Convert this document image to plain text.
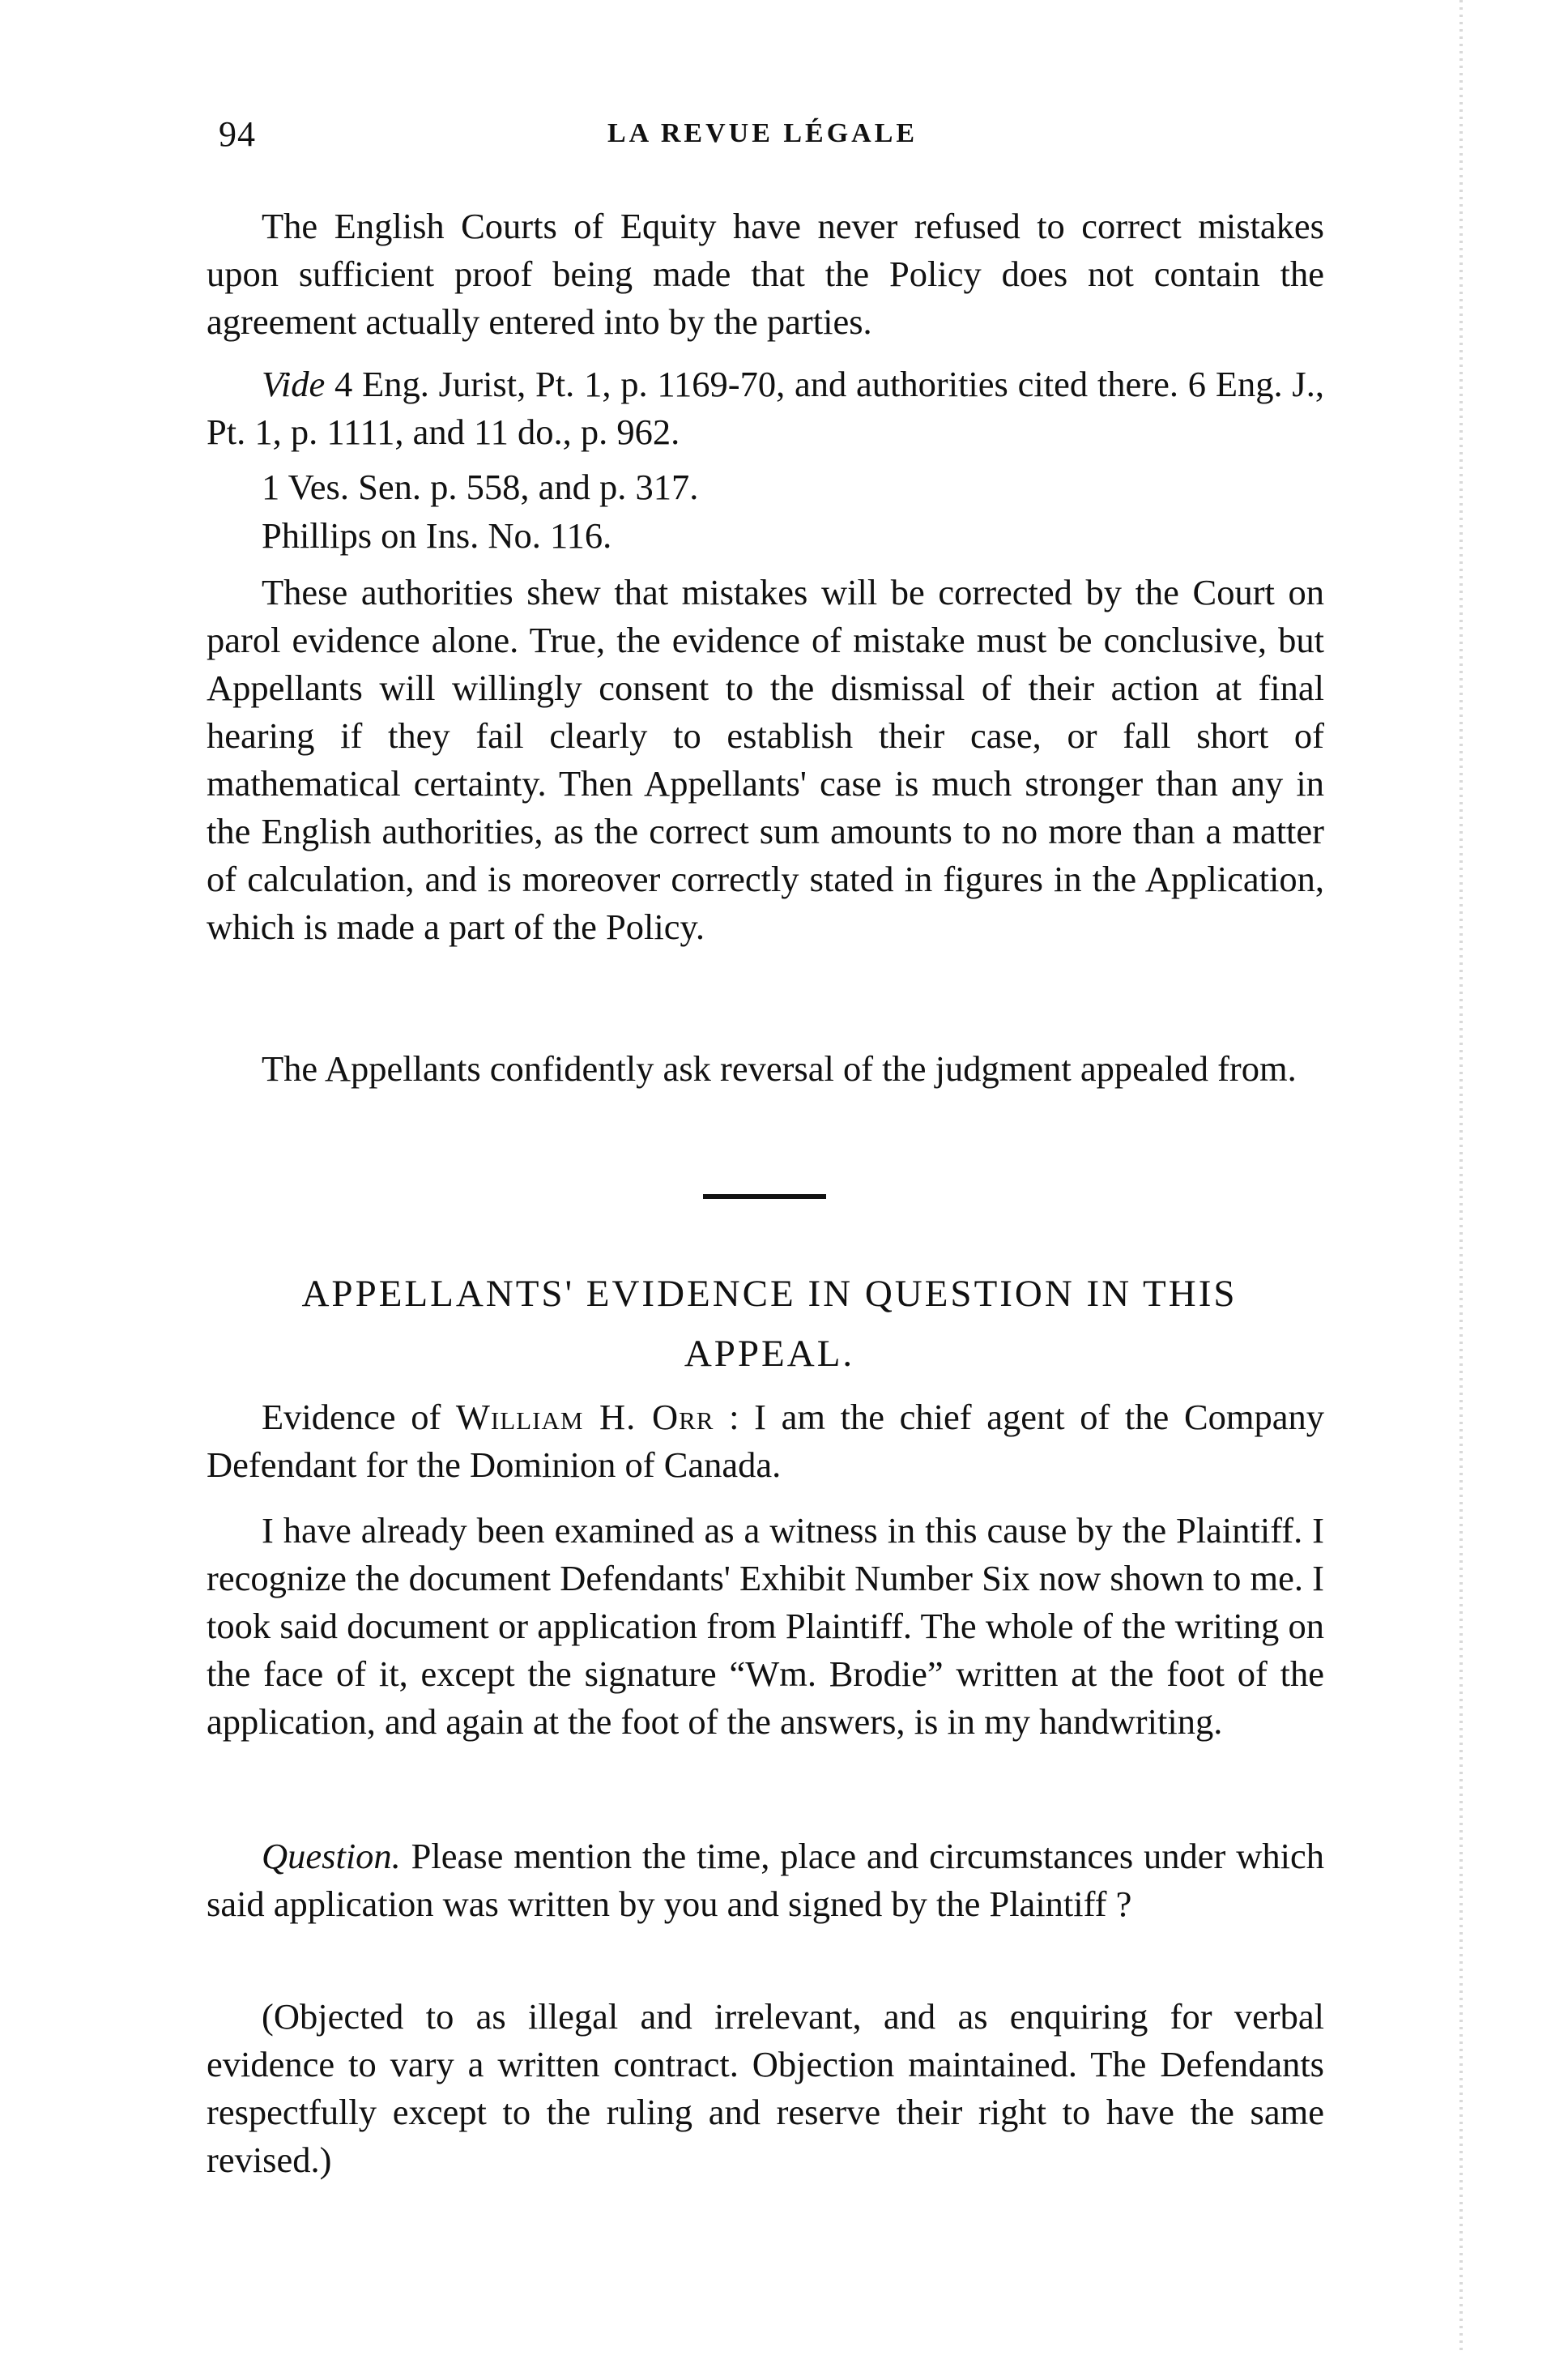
94	LA REVUE LÉGALE

The English Courts of Equity have never refused to correct mistakes upon sufficient proof being made that the Policy does not contain the agreement actually entered into by the parties.

Vide 4 Eng. Jurist, Pt. 1, p. 1169-70, and authorities cited there. 6 Eng. J., Pt. 1, p. 1111, and 11 do., p. 962.

1 Ves. Sen. p. 558, and p. 317.

Phillips on Ins. No. 116.

These authorities shew that mistakes will be corrected by the Court on parol evidence alone. True, the evidence of mistake must be conclusive, but Appellants will willingly consent to the dismissal of their action at final hearing if they fail clearly to establish their case, or fall short of mathematical certainty. Then Appellants' case is much stronger than any in the English authorities, as the correct sum amounts to no more than a matter of calculation, and is moreover correctly stated in figures in the Application, which is made a part of the Policy.

The Appellants confidently ask reversal of the judgment appealed from.

APPELLANTS' EVIDENCE IN QUESTION IN THIS
APPEAL.

Evidence of William H. Orr : I am the chief agent of the Company Defendant for the Dominion of Canada.

I have already been examined as a witness in this cause by the Plaintiff. I recognize the document Defendants' Exhibit Number Six now shown to me. I took said document or application from Plaintiff. The whole of the writing on the face of it, except the signature “Wm. Brodie” written at the foot of the application, and again at the foot of the answers, is in my handwriting.

Question. Please mention the time, place and circumstances under which said application was written by you and signed by the Plaintiff ?

(Objected to as illegal and irrelevant, and as enquiring for verbal evidence to vary a written contract. Objection maintained. The Defendants respectfully except to the ruling and reserve their right to have the same revised.)
